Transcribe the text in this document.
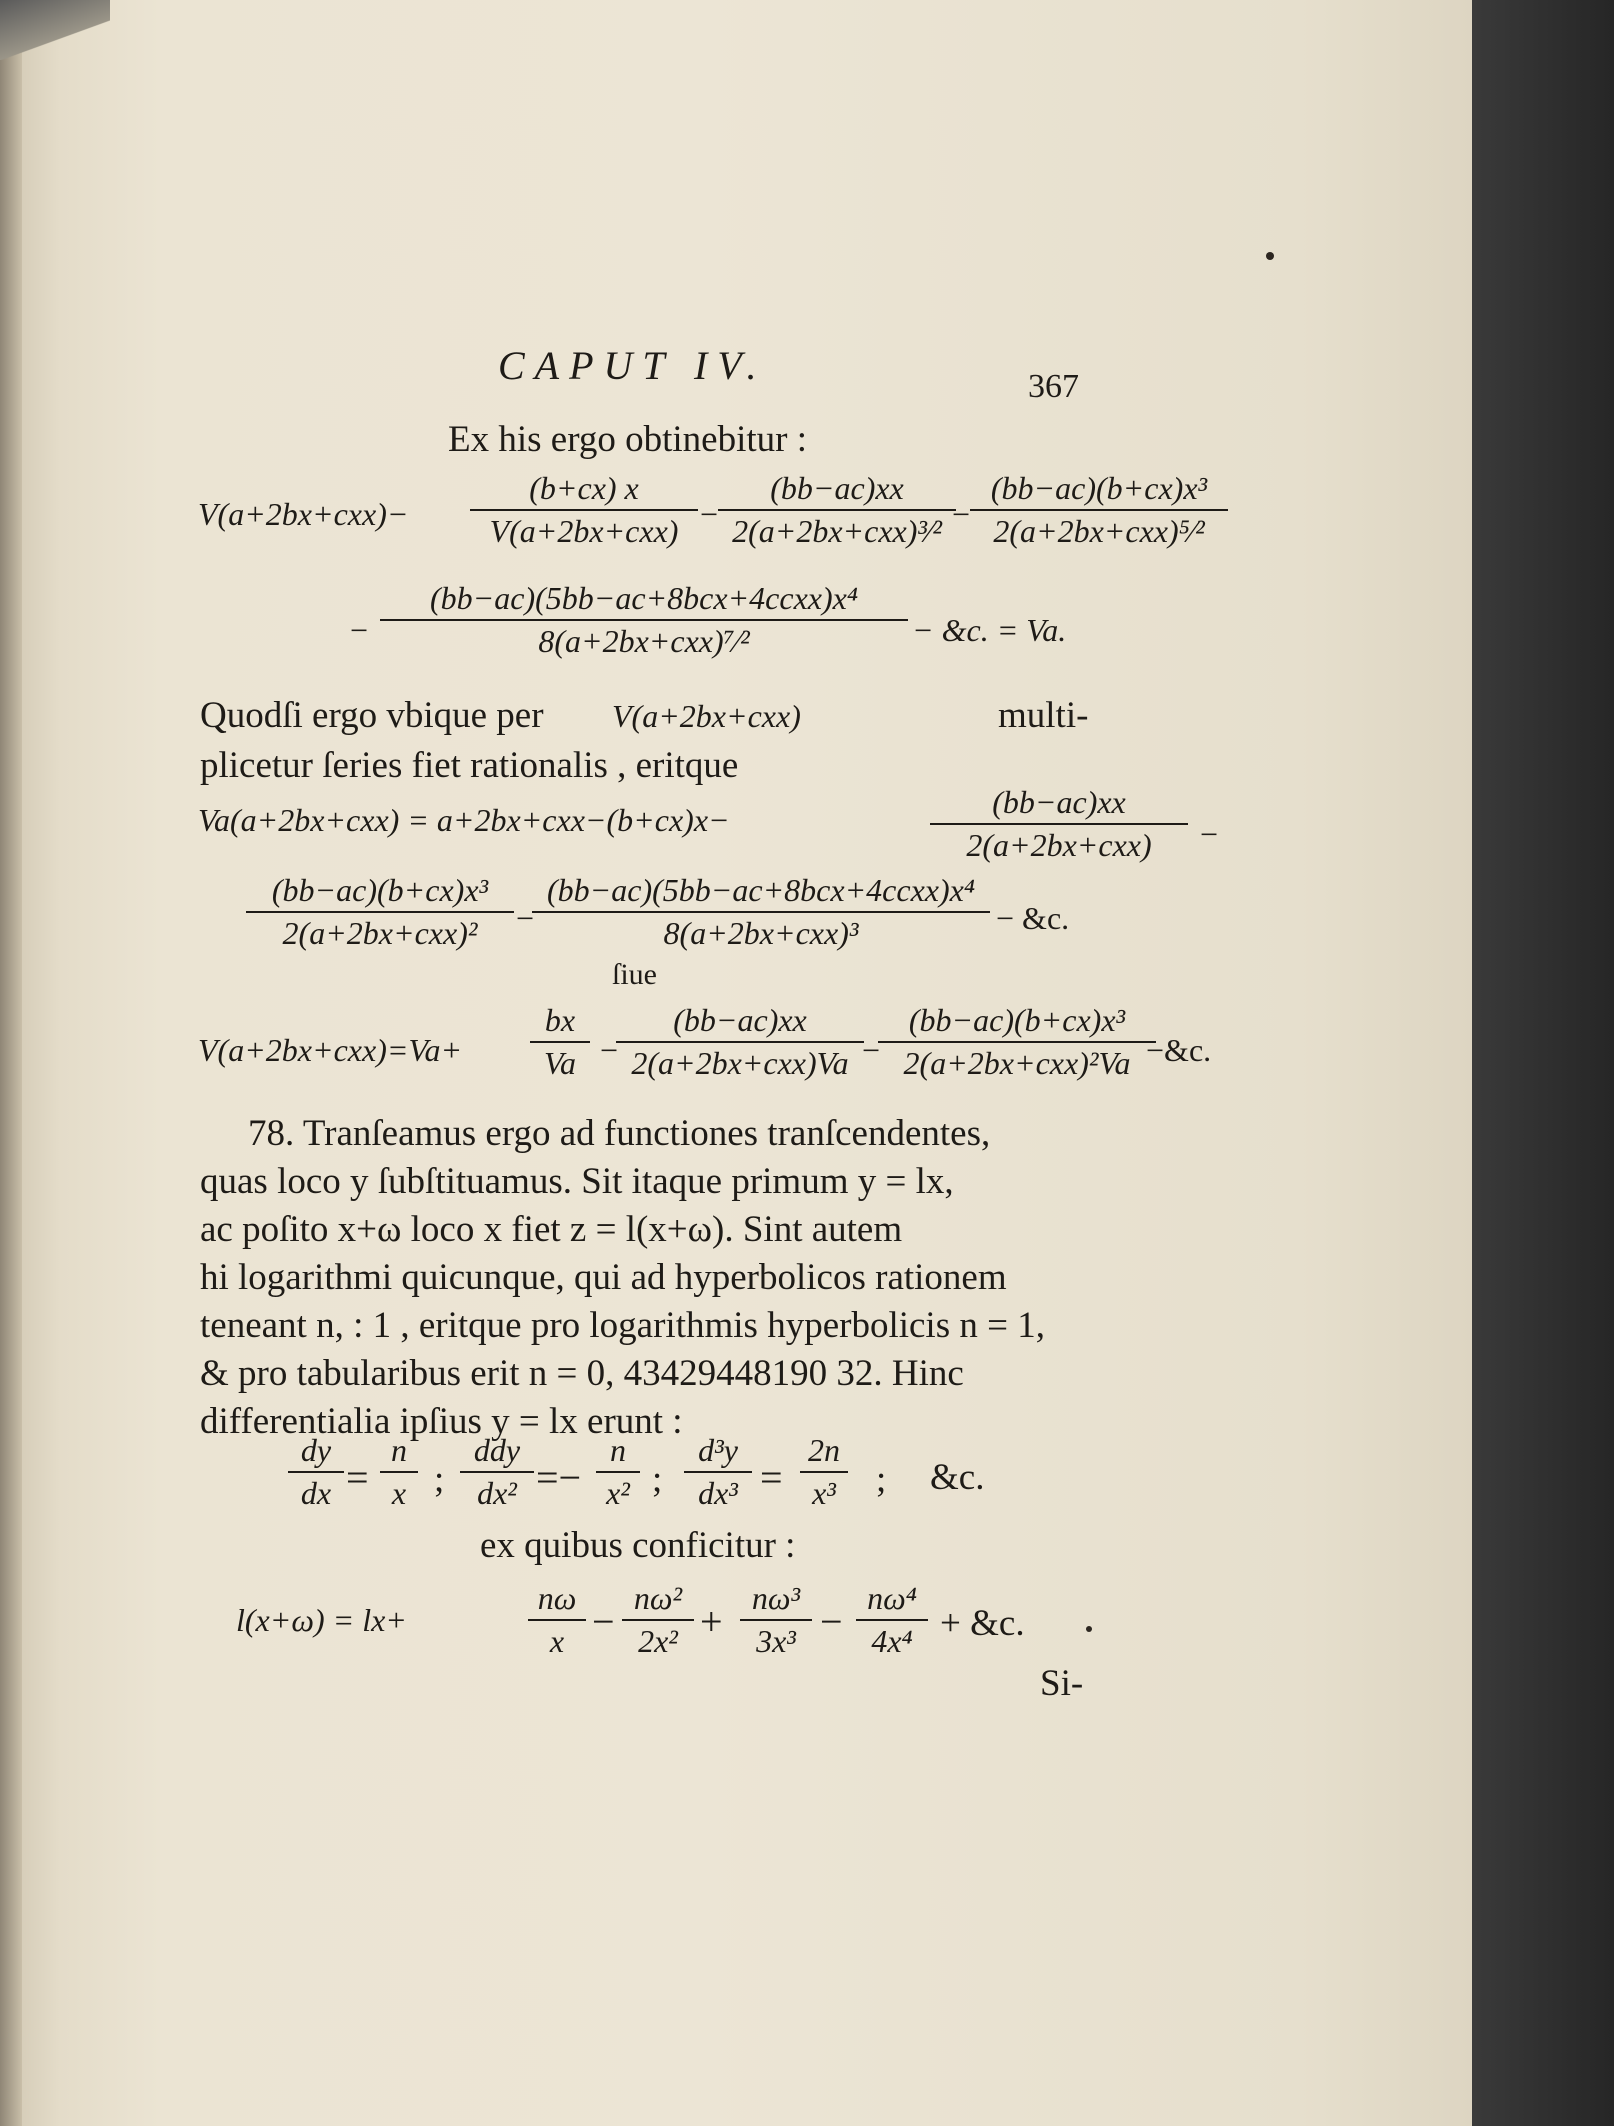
CAPUT IV.	367
Ex his ergo obtinebitur :
V(a+2bx+cxx)−
(b+cx) x
V(a+2bx+cxx) −
(bb−ac)xx
2(a+2bx+cxx)³⁄² −
(bb−ac)(b+cx)x³
2(a+2bx+cxx)⁵⁄²
−
(bb−ac)(5bb−ac+8bcx+4ccxx)x⁴
8(a+2bx+cxx)⁷⁄²	− &c. = Va.
Quodſi ergo vbique per V(a+2bx+cxx)	multi-
plicetur ſeries fiet rationalis , eritque
Va(a+2bx+cxx) = a+2bx+cxx−(b+cx)x−	(bb−ac)xx
2(a+2bx+cxx)	−
(bb−ac)(b+cx)x³
2(a+2bx+cxx)²	−
(bb−ac)(5bb−ac+8bcx+4ccxx)x⁴
8(a+2bx+cxx)³	− &c.
ſiue
$V(a+2bx+cxx)=Va+ \frac{bx}{Va}$ −
(bb−ac)xx
2(a+2bx+cxx)Va −
(bb−ac)(b+cx)x³
2(a+2bx+cxx)²Va −&c.
78. Tranſeamus ergo ad functiones tranſcendentes,
quas loco y ſubſtituamus. Sit itaque primum y = lx,
ac poſito x+ω loco x fiet z = l(x+ω). Sint autem
hi logarithmi quicunque, qui ad hyperbolicos rationem
teneant n, : 1 , eritque pro logarithmis hyperbolicis n = 1,
& pro tabularibus erit n = 0, 43429448190 32. Hinc
differentialia ipſius y = lx erunt :
$\frac{dy}{dx} = \frac{n}{x}$ ;
ddy
$dx^2 =- \frac{n}{\text{x²}}$ ; $\frac{\text{d³y}}{\text{dx³}} = \frac{2n}{\text{x³}}$ ; &c.
ex quibus conficitur :
l(x+ω) = lx+	$\frac{n\omega}{x} - \frac{\text{nω²}}{\text{2x²}} + \frac{\text{nω³}}{\text{3x³}} - \frac{\text{nω⁴}}{\text{4x⁴}}$ + &c.
Si-
